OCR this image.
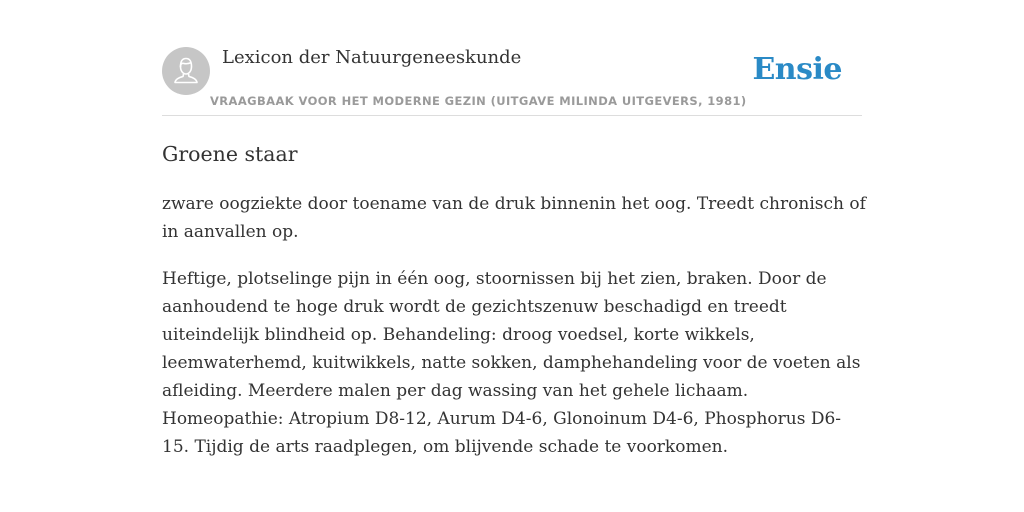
Lexicon der Natuurgeneeskunde
VRAAGBAAK VOOR HET MODERNE GEZIN (UITGAVE MILINDA UITGEVERS, 1981)
Ensie
Groene staar

zware oogziekte door toename van de druk binnenin het oog. Treedt chronisch of in aanvallen op.

Heftige, plotselinge pijn in één oog, stoornissen bij het zien, braken. Door de aanhoudend te hoge druk wordt de gezichtszenuw beschadigd en treedt uiteindelijk blindheid op. Behandeling: droog voedsel, korte wikkels, leemwaterhemd, kuitwikkels, natte sokken, damphehandeling voor de voeten als afleiding. Meerdere malen per dag wassing van het gehele lichaam. Homeopathie: Atropium D8-12, Aurum D4-6, Glonoinum D4-6, Phosphorus D6-15. Tijdig de arts raadplegen, om blijvende schade te voorkomen.
